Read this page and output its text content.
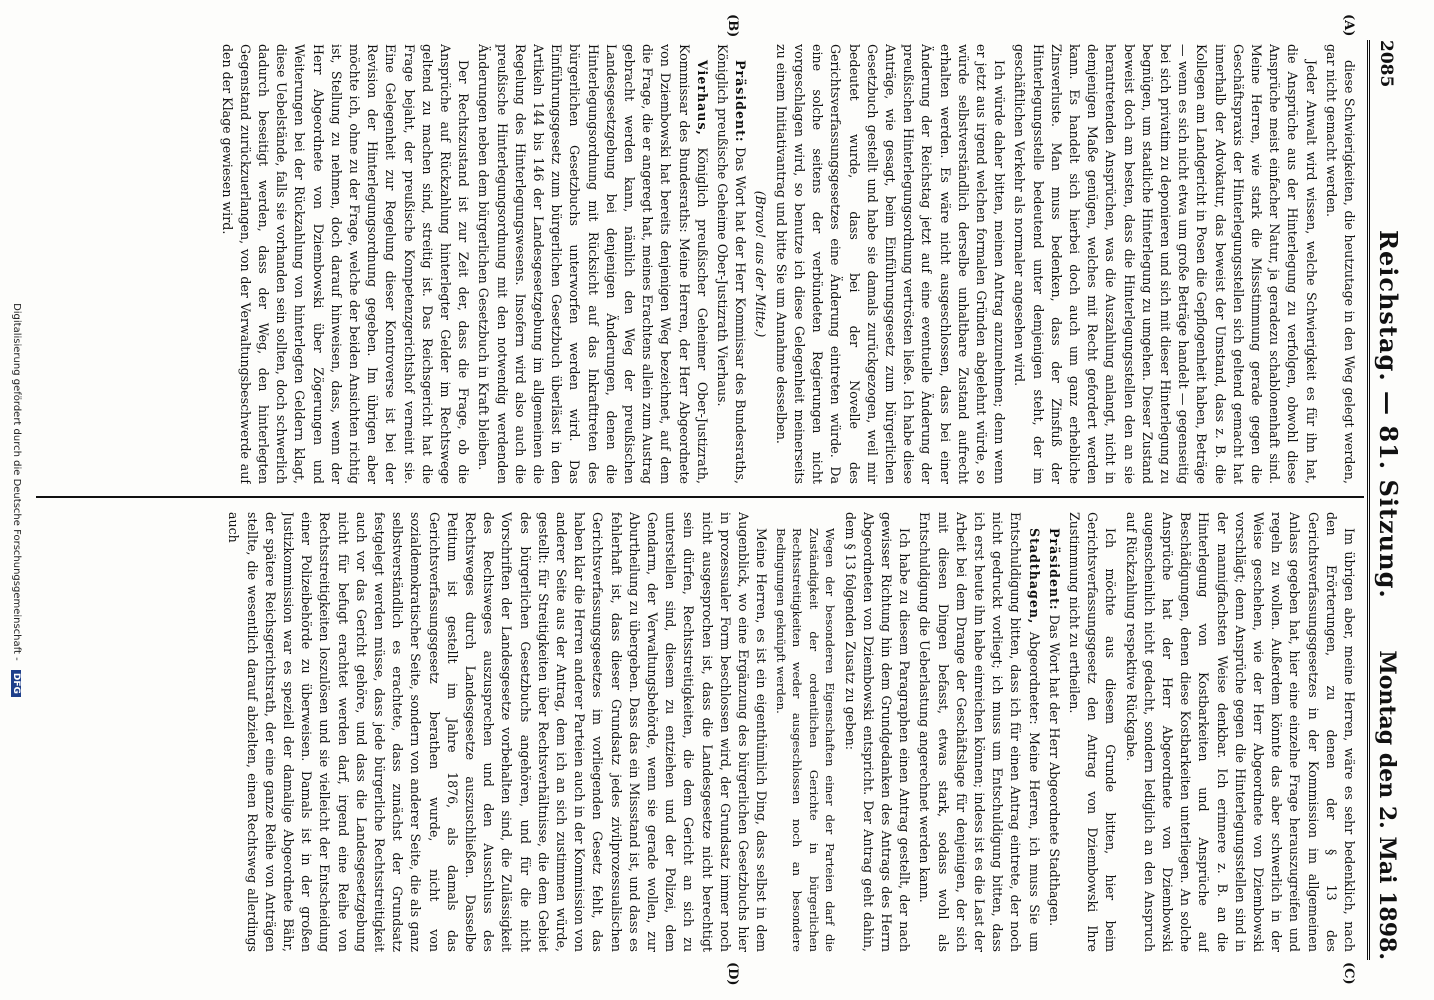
2085
Reichstag. — 81. Sitzung.
Montag den 2. Mai 1898.
(A)
(B)
(C)
(D)

diese Schwierigkeiten, die heutzutage in den Weg gelegt werden, gar nicht gemacht werden.

Jeder Anwalt wird wissen, welche Schwierigkeit es für ihn hat, die Ansprüche aus der Hinterlegung zu verfolgen, obwohl diese Ansprüche meist einfacher Natur, ja geradezu schablonenhaft sind. Meine Herren, wie stark die Missstimmung gerade gegen die Geschäftspraxis der Hinterlegungsstellen sich geltend gemacht hat innerhalb der Advokatur, das beweist der Umstand, dass z. B. die Kollegen am Landgericht in Posen die Gepflogenheit haben, Beträge — wenn es sich nicht etwa um große Beträge handelt — gegenseitig bei sich privatim zu deponieren und sich mit dieser Hinterlegung zu begnügen, um staatliche Hinterlegung zu umgehen. Dieser Zustand beweist doch am besten, dass die Hinterlegungsstellen den an sie herantretenden Ansprüchen, was die Auszahlung anlangt, nicht in demjenigen Maße genügen, welches mit Recht gefordert werden kann. Es handelt sich hierbei doch auch um ganz erhebliche Zinsverluste. Man muss bedenken, dass der Zinsfuß der Hinterlegungsstelle bedeutend unter demjenigen steht, der im geschäftlichen Verkehr als normaler angesehen wird.

Ich würde daher bitten, meinen Antrag anzunehmen; denn wenn er jetzt aus irgend welchen formalen Gründen abgelehnt würde, so würde selbstverständlich derselbe unhaltbare Zustand aufrecht erhalten werden. Es wäre nicht ausgeschlossen, dass bei einer Änderung der Reichstag jetzt auf eine eventuelle Änderung der preußischen Hinterlegungsordnung vertrösten ließe. Ich habe diese Anträge, wie gesagt, beim Einführungsgesetz zum bürgerlichen Gesetzbuch gestellt und habe sie damals zurückgezogen, weil mir bedeutet wurde, dass bei der Novelle des Gerichtsverfassungsgesetzes eine Änderung eintreten würde. Da eine solche seitens der verbündeten Regierungen nicht vorgeschlagen wird, so benutze ich diese Gelegenheit meinerseits zu einem Initiativantrag und bitte Sie um Annahme desselben.

(Bravo! aus der Mitte.)

Präsident: Das Wort hat der Herr Kommissar des Bundesraths, Königlich preußische Geheime Ober-Justizrath Vierhaus.

Vierhaus, Königlich preußischer Geheimer Ober-Justizrath, Kommissar des Bundesraths: Meine Herren, der Herr Abgeordnete von Dziembowski hat bereits denjenigen Weg bezeichnet, auf dem die Frage, die er angeregt hat, meines Erachtens allein zum Austrag gebracht werden kann, nämlich den Weg der preußischen Landesgesetzgebung bei denjenigen Änderungen, denen die Hinterlegungsordnung mit Rücksicht auf das Inkrafttreten des bürgerlichen Gesetzbuchs unterworfen werden wird. Das Einführungsgesetz zum bürgerlichen Gesetzbuch überlässt in den Artikeln 144 bis 146 der Landesgesetzgebung im allgemeinen die Regelung des Hinterlegungswesens. Insofern wird also auch die preußische Hinterlegungsordnung mit den notwendig werdenden Änderungen neben dem bürgerlichen Gesetzbuch in Kraft bleiben.

Der Rechtszustand ist zur Zeit der, dass die Frage, ob die Ansprüche auf Rückzahlung hinterlegter Gelder im Rechtswege geltend zu machen sind, streitig ist. Das Reichsgericht hat die Frage bejaht, der preußische Kompetenzgerichtshof verneint sie. Eine Gelegenheit zur Regelung dieser Kontroverse ist bei der Revision der Hinterlegungsordnung gegeben. Im übrigen aber möchte ich, ohne zu der Frage, welche der beiden Ansichten richtig ist, Stellung zu nehmen, doch darauf hinweisen, dass, wenn der Herr Abgeordnete von Dziembowski über Zögerungen und Weiterungen bei der Rückzahlung von hinterlegten Geldern klagt, diese Uebelstände, falls sie vorhanden sein sollten, doch schwerlich dadurch beseitigt werden, dass der Weg, den hinterlegten Gegenstand zurückzuerlangen, von der Verwaltungsbeschwerde auf den der Klage gewiesen wird.

Im übrigen aber, meine Herren, wäre es sehr bedenklich, nach den Erörterungen, zu denen der § 13 des Gerichtsverfassungsgesetzes in der Kommission im allgemeinen Anlass gegeben hat, hier eine einzelne Frage herauszugreifen und regeln zu wollen. Außerdem könnte das aber schwerlich in der Weise geschehen, wie der Herr Abgeordnete von Dziembowski vorschlägt; denn Ansprüche gegen die Hinterlegungsstellen sind in der mannigfachsten Weise denkbar. Ich erinnere z. B. an die Hinterlegung von Kostbarkeiten und Ansprüche auf Beschädigungen, denen diese Kostbarkeiten unterliegen. An solche Ansprüche hat der Herr Abgeordnete von Dziembowski augenscheinlich nicht gedacht, sondern lediglich an den Anspruch auf Rückzahlung respektive Rückgabe.

Ich möchte aus diesem Grunde bitten, hier beim Gerichtsverfassungsgesetz den Antrag von Dziembowski Ihre Zustimmung nicht zu ertheilen.

Präsident: Das Wort hat der Herr Abgeordnete Stadthagen.

Stadthagen, Abgeordneter: Meine Herren, ich muss Sie um Entschuldigung bitten, dass ich für einen Antrag eintrete, der noch nicht gedruckt vorliegt; ich muss um Entschuldigung bitten, dass ich erst heute ihn habe einreichen können; indess ist es die Last der Arbeit bei dem Drange der Geschäftslage für denjenigen, der sich mit diesen Dingen befasst, etwas stark, sodass wohl als Entschuldigung die Ueberlastung angerechnet werden kann.

Ich habe zu diesem Paragraphen einen Antrag gestellt, der nach gewisser Richtung hin dem Grundgedanken des Antrags des Herrn Abgeordneten von Dziembowski entspricht. Der Antrag geht dahin, dem § 13 folgenden Zusatz zu geben:

Wegen der besonderen Eigenschaften einer der Parteien darf die Zuständigkeit der ordentlichen Gerichte in bürgerlichen Rechtsstreitigkeiten weder ausgeschlossen noch an besondere Bedingungen geknüpft werden.

Meine Herren, es ist ein eigenthümlich Ding, dass selbst in dem Augenblick, wo eine Ergänzung des bürgerlichen Gesetzbuchs hier in prozessualer Form beschlossen wird, der Grundsatz immer noch nicht ausgesprochen ist, dass die Landesgesetze nicht berechtigt sein dürfen, Rechtsstreitigkeiten, die dem Gericht an sich zu unterstellen sind, diesem zu entziehen und der Polizei, dem Gendarm, der Verwaltungsbehörde, wenn sie gerade wollen, zur Aburtheilung zu übergeben. Dass das ein Missstand ist, und dass es fehlerhaft ist, dass dieser Grundsatz jedes zivilprozessualischen Gerichtsverfassungsgesetzes im vorliegenden Gesetz fehlt, das haben klar die Herren anderer Parteien auch in der Kommission von anderer Seite aus der Antrag, dem ich an sich zustimmen würde, gestellt: für Streitigkeiten über Rechtsverhältnisse, die dem Gebiet des bürgerlichen Gesetzbuchs angehören, und für die nicht Vorschriften der Landesgesetze vorbehalten sind, die Zulässigkeit des Rechtsweges auszusprechen und den Ausschluss des Rechtsweges durch Landesgesetze auszuschließen. Dasselbe Petitum ist gestellt im Jahre 1876, als damals das Gerichtsverfassungsgesetz berathen wurde, nicht von sozialdemokratischer Seite, sondern von anderer Seite, die als ganz selbstverständlich es erachtete, dass zunächst der Grundsatz festgelegt werden müsse, dass jede bürgerliche Rechtsstreitigkeit auch vor das Gericht gehöre, und dass die Landesgesetzgebung nicht für befugt erachtet werden darf, irgend eine Reihe von Rechtsstreitigkeiten loszulösen und sie vielleicht der Entscheidung einer Polizeibehörde zu überweisen. Damals ist in der großen Justizkommission war es speziell der damalige Abgeordnete Bähr, der spätere Reichsgerichtsrath, der eine ganze Reihe von Anträgen stellte, die wesentlich darauf abzielten, einen Rechtsweg allerdings auch

Digitalisierung gefördert durch die Deutsche Forschungsgemeinschaft - DFG
